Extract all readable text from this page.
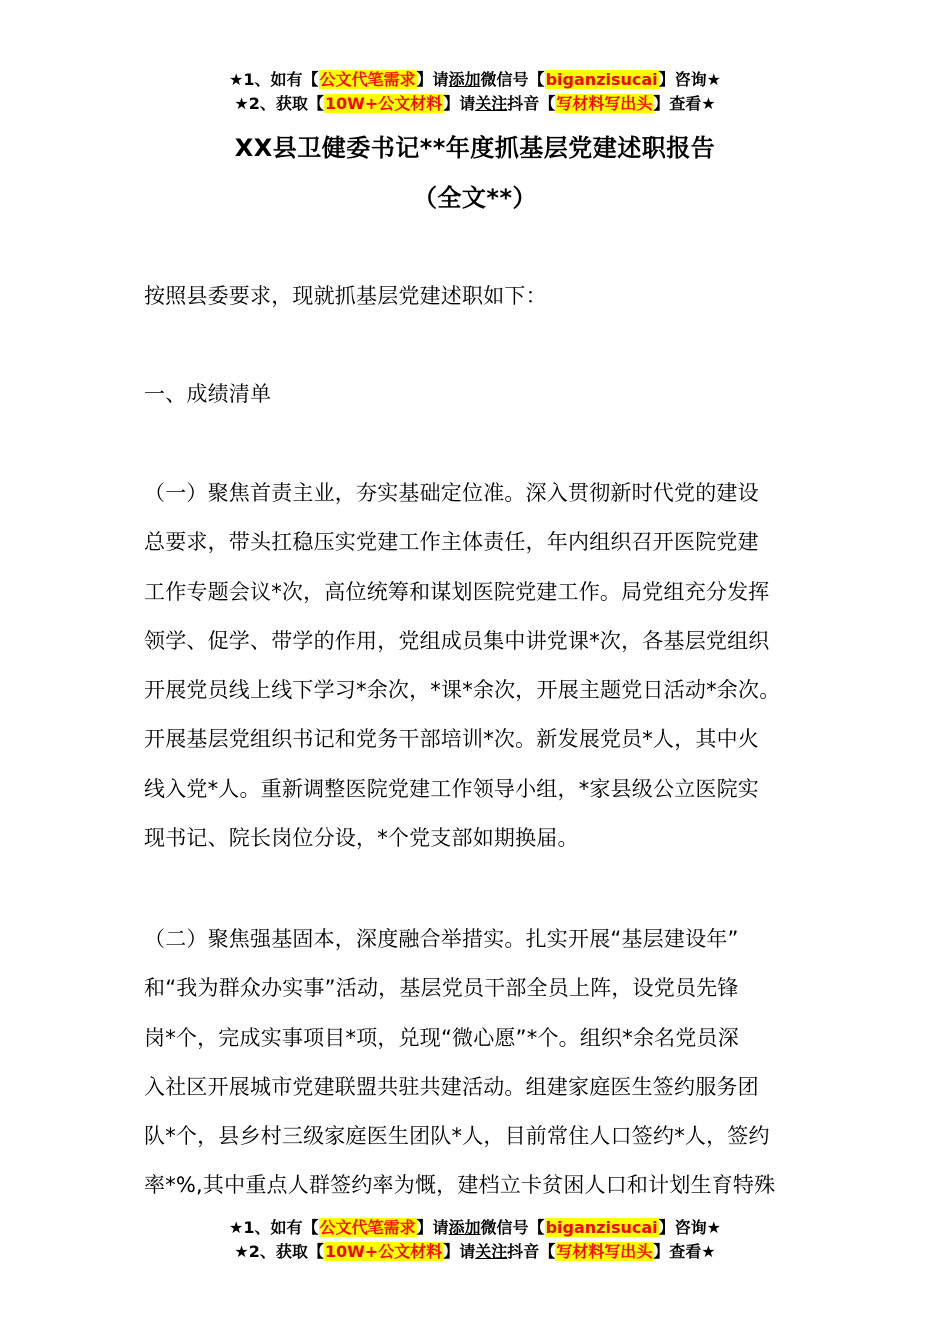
★1、如有【公文代笔需求】请添加微信号【biganzisucai】咨询★
★2、获取【10W+公文材料】请关注抖音【写材料写出头】查看★
XX县卫健委书记**年度抓基层党建述职报告
（全文**）
按照县委要求，现就抓基层党建述职如下：
一、成绩清单
（一）聚焦首责主业，夯实基础定位准。深入贯彻新时代党的建设
总要求，带头扛稳压实党建工作主体责任，年内组织召开医院党建
工作专题会议*次，高位统筹和谋划医院党建工作。局党组充分发挥
领学、促学、带学的作用，党组成员集中讲党课*次，各基层党组织
开展党员线上线下学习*余次，*课*余次，开展主题党日活动*余次。
开展基层党组织书记和党务干部培训*次。新发展党员*人，其中火
线入党*人。重新调整医院党建工作领导小组，*家县级公立医院实
现书记、院长岗位分设，*个党支部如期换届。
（二）聚焦强基固本，深度融合举措实。扎实开展“基层建设年”
和“我为群众办实事”活动，基层党员干部全员上阵，设党员先锋
岗*个，完成实事项目*项，兑现“微心愿”*个。组织*余名党员深
入社区开展城市党建联盟共驻共建活动。组建家庭医生签约服务团
队*个，县乡村三级家庭医生团队*人，目前常住人口签约*人，签约
率*%,其中重点人群签约率为慨，建档立卡贫困人口和计划生育特殊
★1、如有【公文代笔需求】请添加微信号【biganzisucai】咨询★
★2、获取【10W+公文材料】请关注抖音【写材料写出头】查看★
